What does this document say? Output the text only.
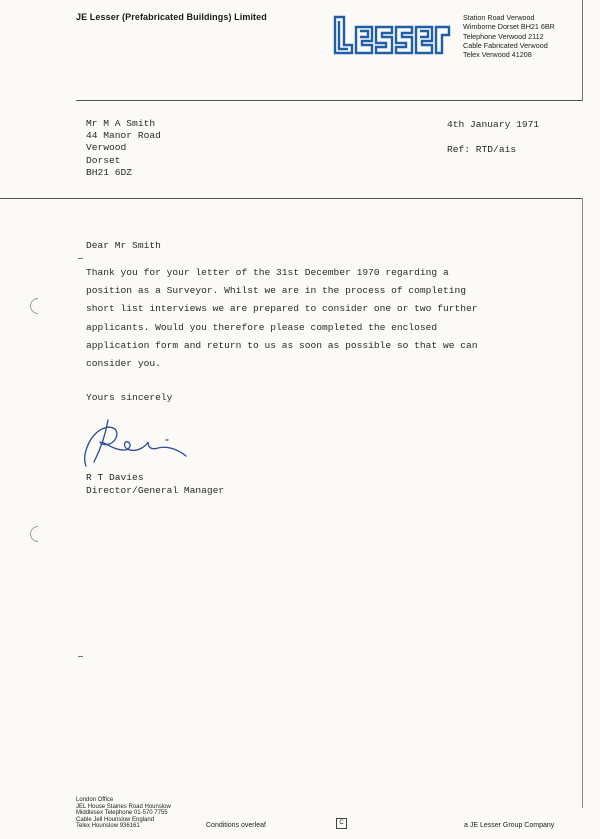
JE Lesser (Prefabricated Buildings) Limited	Lesser	Station Road Verwood
Wimborne Dorset BH21 6BR
Telephone Verwood 2112
Cable Fabricated Verwood
Telex Verwood 41208
Mr M A Smith
44 Manor Road
Verwood
Dorset
BH21 6DZ
4th January 1971
Ref: RTD/ais
Dear Mr Smith
Thank you for your letter of the 31st December 1970 regarding a
position as a Surveyor. Whilst we are in the process of completing
short list interviews we are prepared to consider one or two further
applicants. Would you therefore please completed the enclosed
application form and return to us as soon as possible so that we can
consider you.
Yours sincerely
R T Davies
Director/General Manager
London Office
JEL House Staines Road Hounslow
Middlesex Telephone 01-570 7755
Cable Jell Hounslow England
Telex Hounslow 936161	Conditions overleaf	C	a JE Lesser Group Company
